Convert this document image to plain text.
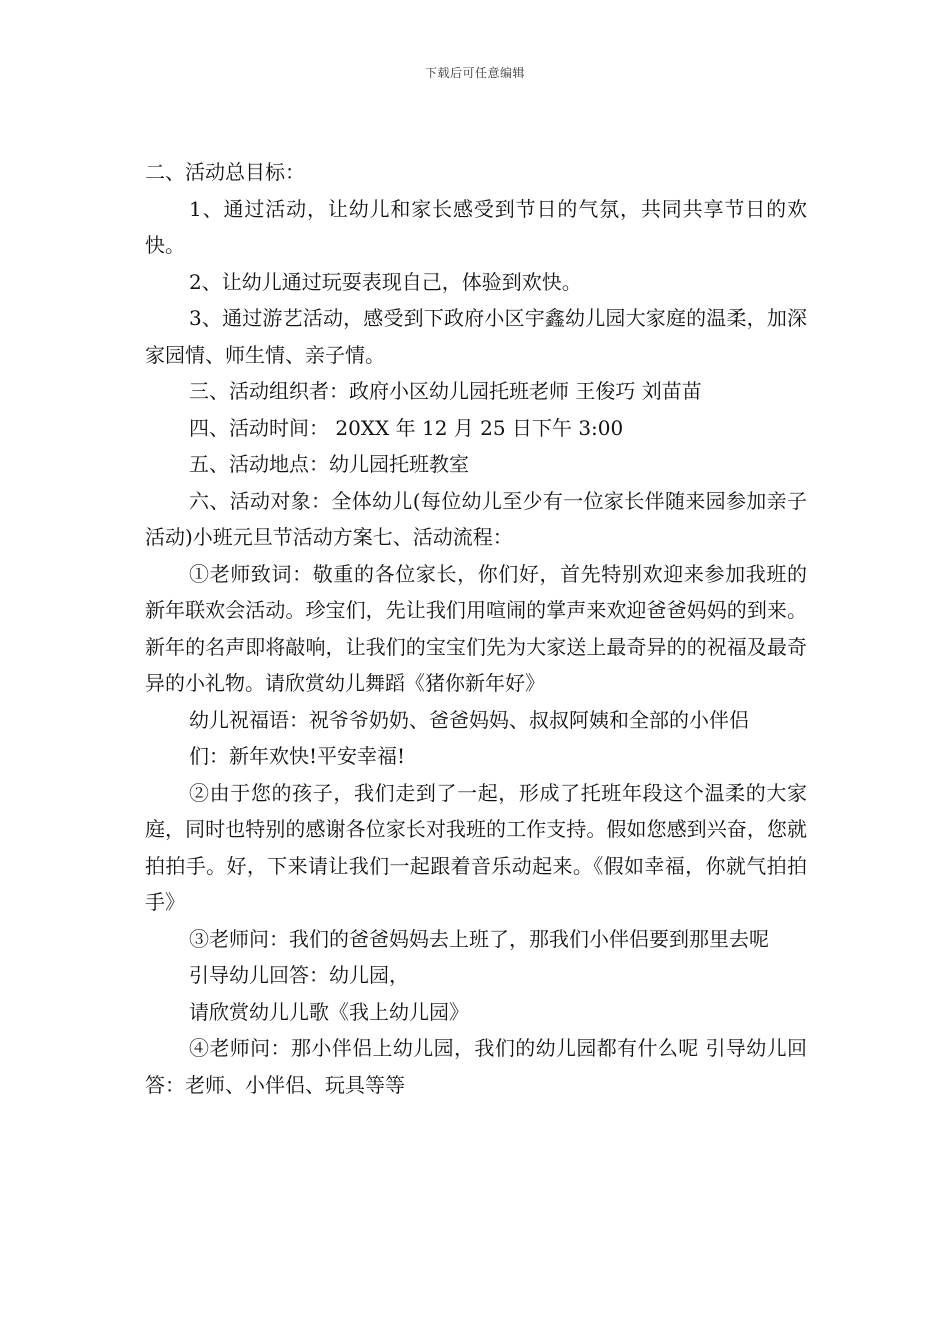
下载后可任意编辑

二、活动总目标：

1、通过活动，让幼儿和家长感受到节日的气氛，共同共享节日的欢快。

2、让幼儿通过玩耍表现自己，体验到欢快。

3、通过游艺活动，感受到下政府小区宇鑫幼儿园大家庭的温柔，加深家园情、师生情、亲子情。

三、活动组织者：政府小区幼儿园托班老师 王俊巧 刘苗苗

四、活动时间： 20XX 年 12 月 25 日下午 3:00

五、活动地点：幼儿园托班教室

六、活动对象：全体幼儿(每位幼儿至少有一位家长伴随来园参加亲子活动)小班元旦节活动方案七、活动流程：

①老师致词：敬重的各位家长，你们好，首先特别欢迎来参加我班的新年联欢会活动。珍宝们，先让我们用喧闹的掌声来欢迎爸爸妈妈的到来。新年的名声即将敲响，让我们的宝宝们先为大家送上最奇异的的祝福及最奇异的小礼物。请欣赏幼儿舞蹈《猪你新年好》

幼儿祝福语：祝爷爷奶奶、爸爸妈妈、叔叔阿姨和全部的小伴侣

们：新年欢快!平安幸福!

②由于您的孩子，我们走到了一起，形成了托班年段这个温柔的大家庭，同时也特别的感谢各位家长对我班的工作支持。假如您感到兴奋，您就拍拍手。好，下来请让我们一起跟着音乐动起来。《假如幸福，你就气拍拍手》

③老师问：我们的爸爸妈妈去上班了，那我们小伴侣要到那里去呢

引导幼儿回答：幼儿园，

请欣赏幼儿儿歌《我上幼儿园》

④老师问：那小伴侣上幼儿园，我们的幼儿园都有什么呢 引导幼儿回答：老师、小伴侣、玩具等等
